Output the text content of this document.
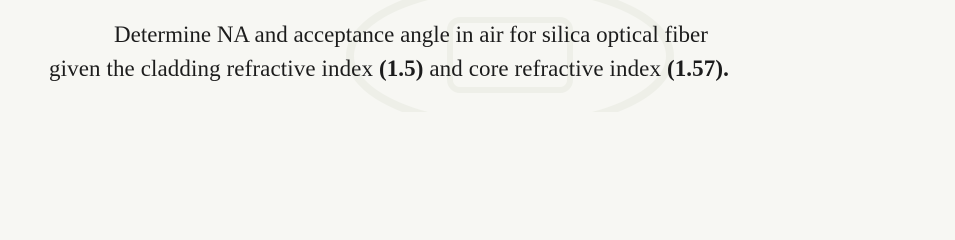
Determine NA and acceptance angle in air for silica optical fiber
given the cladding refractive index (1.5) and core refractive index (1.57).
